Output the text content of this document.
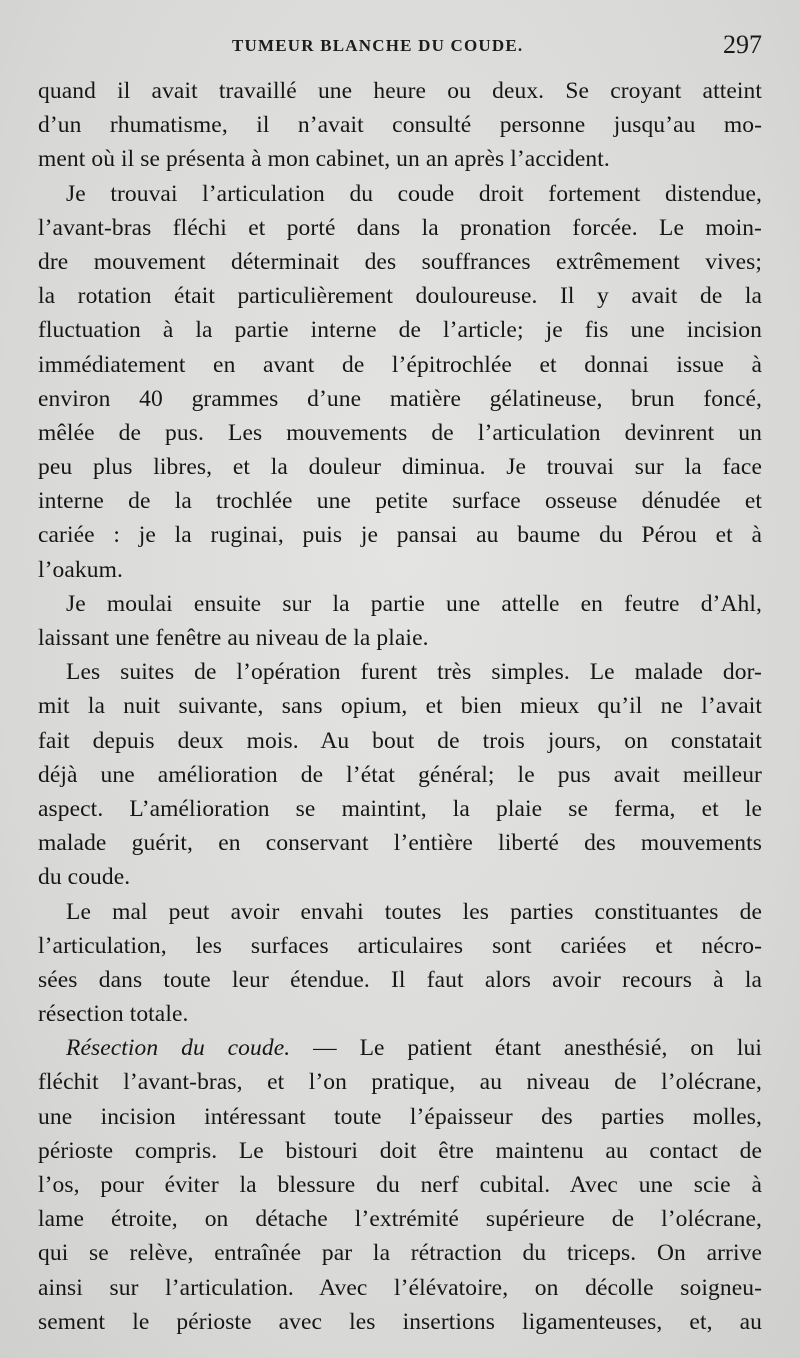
TUMEUR BLANCHE DU COUDE.	297
quand il avait travaillé une heure ou deux. Se croyant atteint
d’un rhumatisme, il n’avait consulté personne jusqu’au mo-
ment où il se présenta à mon cabinet, un an après l’accident.
Je trouvai l’articulation du coude droit fortement distendue,
l’avant-bras fléchi et porté dans la pronation forcée. Le moin-
dre mouvement déterminait des souffrances extrêmement vives;
la rotation était particulièrement douloureuse. Il y avait de la
fluctuation à la partie interne de l’article; je fis une incision
immédiatement en avant de l’épitrochlée et donnai issue à
environ 40 grammes d’une matière gélatineuse, brun foncé,
mêlée de pus. Les mouvements de l’articulation devinrent un
peu plus libres, et la douleur diminua. Je trouvai sur la face
interne de la trochlée une petite surface osseuse dénudée et
cariée : je la ruginai, puis je pansai au baume du Pérou et à
l’oakum.
Je moulai ensuite sur la partie une attelle en feutre d’Ahl,
laissant une fenêtre au niveau de la plaie.
Les suites de l’opération furent très simples. Le malade dor-
mit la nuit suivante, sans opium, et bien mieux qu’il ne l’avait
fait depuis deux mois. Au bout de trois jours, on constatait
déjà une amélioration de l’état général; le pus avait meilleur
aspect. L’amélioration se maintint, la plaie se ferma, et le
malade guérit, en conservant l’entière liberté des mouvements
du coude.
Le mal peut avoir envahi toutes les parties constituantes de
l’articulation, les surfaces articulaires sont cariées et nécro-
sées dans toute leur étendue. Il faut alors avoir recours à la
résection totale.
Résection du coude. — Le patient étant anesthésié, on lui
fléchit l’avant-bras, et l’on pratique, au niveau de l’olécrane,
une incision intéressant toute l’épaisseur des parties molles,
périoste compris. Le bistouri doit être maintenu au contact de
l’os, pour éviter la blessure du nerf cubital. Avec une scie à
lame étroite, on détache l’extrémité supérieure de l’olécrane,
qui se relève, entraînée par la rétraction du triceps. On arrive
ainsi sur l’articulation. Avec l’élévatoire, on décolle soigneu-
sement le périoste avec les insertions ligamenteuses, et, au
